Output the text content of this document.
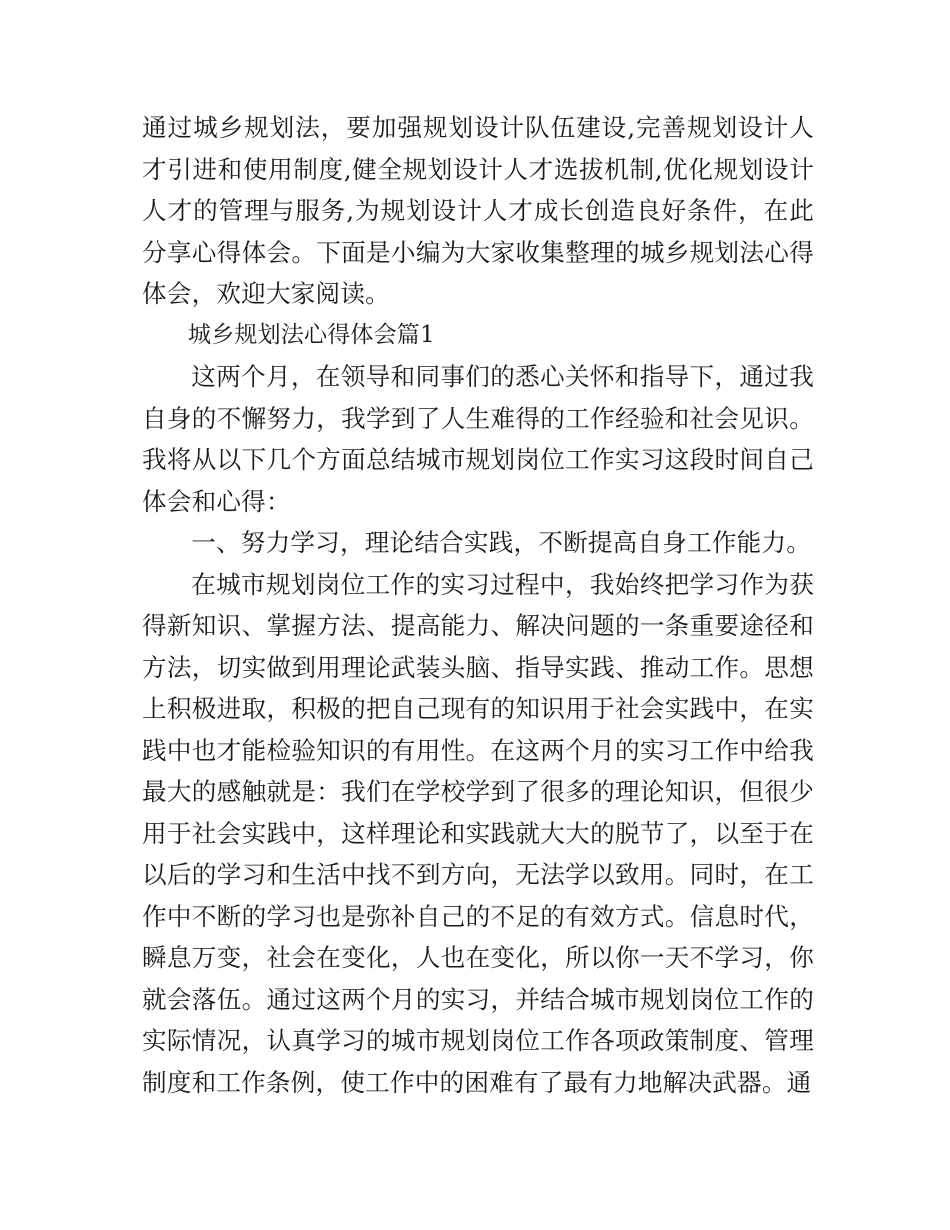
通过城乡规划法，要加强规划设计队伍建设,完善规划设计人才引进和使用制度,健全规划设计人才选拔机制,优化规划设计人才的管理与服务,为规划设计人才成长创造良好条件，在此分享心得体会。下面是小编为大家收集整理的城乡规划法心得体会，欢迎大家阅读。

城乡规划法心得体会篇1

这两个月，在领导和同事们的悉心关怀和指导下，通过我自身的不懈努力，我学到了人生难得的工作经验和社会见识。我将从以下几个方面总结城市规划岗位工作实习这段时间自己体会和心得：

一、努力学习，理论结合实践，不断提高自身工作能力。

在城市规划岗位工作的实习过程中，我始终把学习作为获得新知识、掌握方法、提高能力、解决问题的一条重要途径和方法，切实做到用理论武装头脑、指导实践、推动工作。思想上积极进取，积极的把自己现有的知识用于社会实践中，在实践中也才能检验知识的有用性。在这两个月的实习工作中给我最大的感触就是：我们在学校学到了很多的理论知识，但很少用于社会实践中，这样理论和实践就大大的脱节了，以至于在以后的学习和生活中找不到方向，无法学以致用。同时，在工作中不断的学习也是弥补自己的不足的有效方式。信息时代，瞬息万变，社会在变化，人也在变化，所以你一天不学习，你就会落伍。通过这两个月的实习，并结合城市规划岗位工作的实际情况，认真学习的城市规划岗位工作各项政策制度、管理制度和工作条例，使工作中的困难有了最有力地解决武器。通
